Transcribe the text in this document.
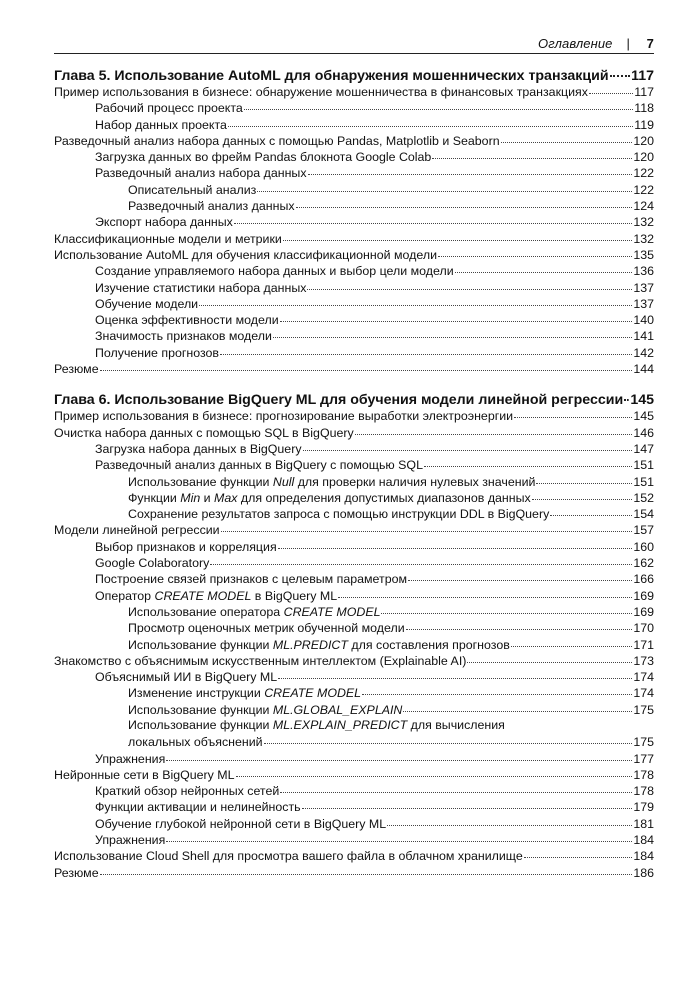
Оглавление |	7
Глава 5. Использование AutoML для обнаружения мошеннических транзакций 117
Пример использования в бизнесе: обнаружение мошенничества в финансовых транзакциях	117
Рабочий процесс проекта	118
Набор данных проекта	119
Разведочный анализ набора данных с помощью Pandas, Matplotlib и Seaborn	120
Загрузка данных во фрейм Pandas блокнота Google Colab	120
Разведочный анализ набора данных	122
Описательный анализ	122
Разведочный анализ данных	124
Экспорт набора данных	132
Классификационные модели и метрики	132
Использование AutoML для обучения классификационной модели	135
Создание управляемого набора данных и выбор цели модели	136
Изучение статистики набора данных	137
Обучение модели	137
Оценка эффективности модели	140
Значимость признаков модели	141
Получение прогнозов	142
Резюме	144
Глава 6. Использование BigQuery ML для обучения модели линейной регрессии 145
Пример использования в бизнесе: прогнозирование выработки электроэнергии	145
Очистка набора данных с помощью SQL в BigQuery	146
Загрузка набора данных в BigQuery	147
Разведочный анализ данных в BigQuery с помощью SQL	151
Использование функции Null для проверки наличия нулевых значений	151
Функции Min и Max для определения допустимых диапазонов данных	152
Сохранение результатов запроса с помощью инструкции DDL в BigQuery	154
Модели линейной регрессии	157
Выбор признаков и корреляция	160
Google Colaboratory	162
Построение связей признаков с целевым параметром	166
Оператор CREATE MODEL в BigQuery ML	169
Использование оператора CREATE MODEL	169
Просмотр оценочных метрик обученной модели	170
Использование функции ML.PREDICT для составления прогнозов	171
Знакомство с объяснимым искусственным интеллектом (Explainable AI)	173
Объяснимый ИИ в BigQuery ML	174
Изменение инструкции CREATE MODEL	174
Использование функции ML.GLOBAL_EXPLAIN	175
Использование функции ML.EXPLAIN_PREDICT для вычисления
локальных объяснений	175
Упражнения	177
Нейронные сети в BigQuery ML	178
Краткий обзор нейронных сетей	178
Функции активации и нелинейность	179
Обучение глубокой нейронной сети в BigQuery ML	181
Упражнения	184
Использование Cloud Shell для просмотра вашего файла в облачном хранилище	184
Резюме	186
